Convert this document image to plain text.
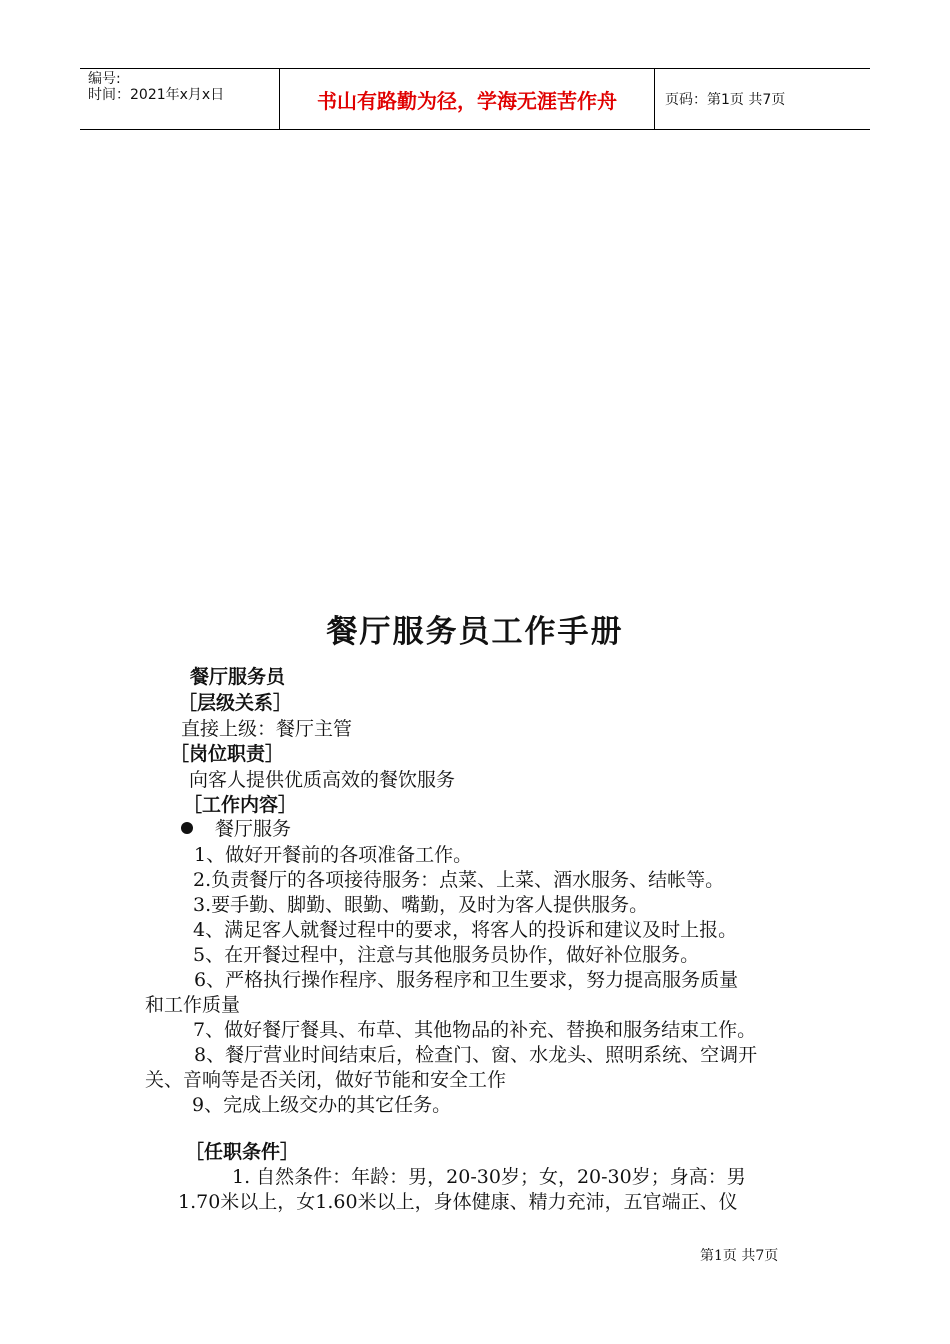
编号:
时间：2021年x月x日	书山有路勤为径，学海无涯苦作舟	页码：第1页 共7页
餐厅服务员工作手册

餐厅服务员

［层级关系］

直接上级：餐厅主管

［岗位职责］

向客人提供优质高效的餐饮服务

［工作内容］

餐厅服务

1、做好开餐前的各项准备工作。

2.负责餐厅的各项接待服务：点菜、上菜、酒水服务、结帐等。

3.要手勤、脚勤、眼勤、嘴勤，及时为客人提供服务。

4、满足客人就餐过程中的要求，将客人的投诉和建议及时上报。

5、在开餐过程中，注意与其他服务员协作，做好补位服务。

6、严格执行操作程序、服务程序和卫生要求，努力提高服务质量

和工作质量

7、做好餐厅餐具、布草、其他物品的补充、替换和服务结束工作。

8、餐厅营业时间结束后，检查门、窗、水龙头、照明系统、空调开

关、音响等是否关闭，做好节能和安全工作

9、完成上级交办的其它任务。

［任职条件］

1. 自然条件：年龄：男，20-30岁；女，20-30岁；身高：男

1.70米以上，女1.60米以上，身体健康、精力充沛，五官端正、仪

第1页 共7页
